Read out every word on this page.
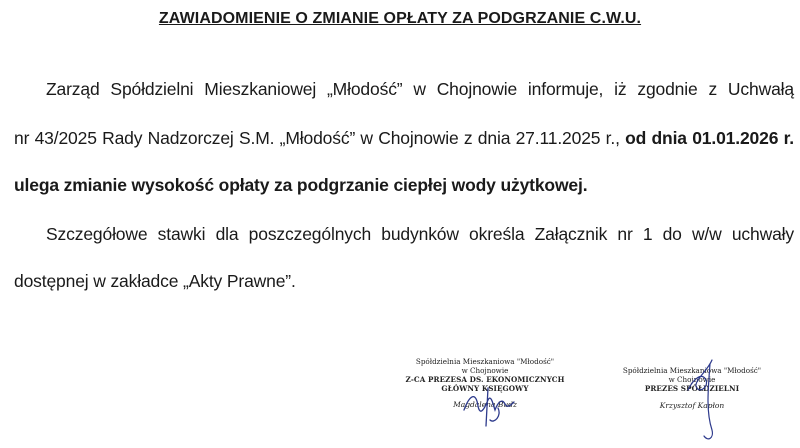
ZAWIADOMIENIE O ZMIANIE OPŁATY ZA PODGRZANIE C.W.U.
Zarząd Spółdzielni Mieszkaniowej „Młodość” w Chojnowie informuje, iż zgodnie z Uchwałą
nr 43/2025 Rady Nadzorczej S.M. „Młodość” w Chojnowie z dnia 27.11.2025 r., od dnia 01.01.2026 r.
ulega zmianie wysokość opłaty za podgrzanie ciepłej wody użytkowej.
Szczegółowe stawki dla poszczególnych budynków określa Załącznik nr 1 do w/w uchwały
dostępnej w zakładce „Akty Prawne”.
Spółdzielnia Mieszkaniowa "Młodość"
w Chojnowie
Z-CA PREZESA DS. EKONOMICZNYCH
GŁÓWNY KSIĘGOWY
Magdalena Budz
Spółdzielnia Mieszkaniowa "Młodość"
w Chojnowie
PREZES SPÓŁDZIELNI
Krzysztof Kapłon
